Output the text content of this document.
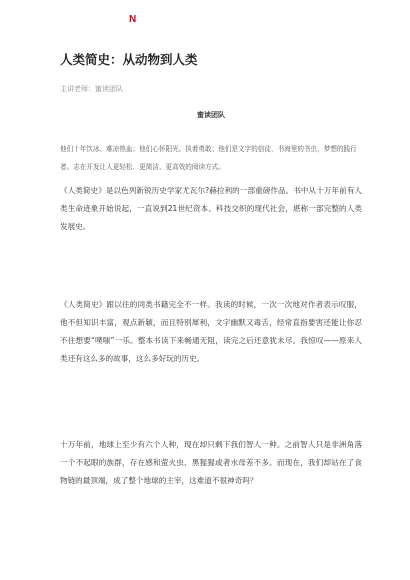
N
人类简史：从动物到人类
主讲老师：蜜读团队
蜜读团队
他们十年饮冰、难凉热血；他们心怀阳光、执着勇敢；他们是文字的信徒，书海里的书虫，梦想的践行者。志在开发让人更轻松、更简洁、更高效的阅读方式。
《人类简史》是以色列新锐历史学家尤瓦尔?赫拉利的一部重磅作品。书中从十万年前有人类生命迹象开始说起，一直说到21世纪资本、科技交织的现代社会，堪称一部完整的人类发展史。
《人类简史》跟以往的同类书籍完全不一样。我读的时候，一次一次地对作者表示叹服，他不但知识丰富，观点新颖，而且特别犀利，文字幽默又毒舌，经常直指要害还能让你忍不住想要“噗嗤”一乐。整本书读下来畅通无阻，读完之后还意犹未尽。我惊叹——原来人类还有这么多的故事，这么多好玩的历史。
十万年前，地球上至少有六个人种，现在却只剩下我们智人一种。之前智人只是非洲角落一个不起眼的族群，存在感和萤火虫、黑猩猩或者水母差不多。而现在，我们却站在了食物链的最顶端，成了整个地球的主宰，这难道不很神奇吗？
